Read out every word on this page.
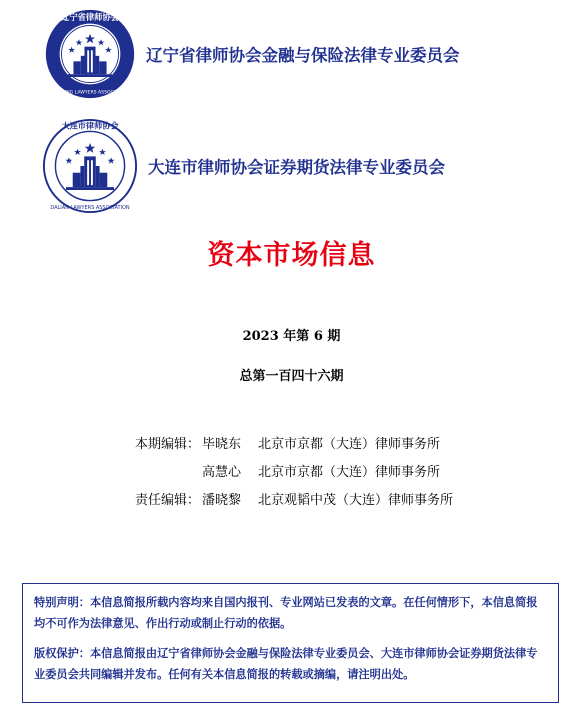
辽宁省律师协会
LIAONING LAWYERS ASSOCIATION
辽宁省律师协会金融与保险法律专业委员会
大连市律师协会
DALIAN LAWYERS ASSOCIATION
大连市律师协会证券期货法律专业委员会
资本市场信息
2023 年第 6 期
总第一百四十六期
本期编辑： 毕晓东 北京市京都（大连）律师事务所
高慧心 北京市京都（大连）律师事务所
责任编辑： 潘晓黎 北京观韬中茂（大连）律师事务所

特别声明：本信息简报所载内容均来自国内报刊、专业网站已发表的文章。在任何情形下，本信息简报均不可作为法律意见、作出行动或制止行动的依据。

版权保护：本信息简报由辽宁省律师协会金融与保险法律专业委员会、大连市律师协会证券期货法律专业委员会共同编辑并发布。任何有关本信息简报的转载或摘编，请注明出处。
